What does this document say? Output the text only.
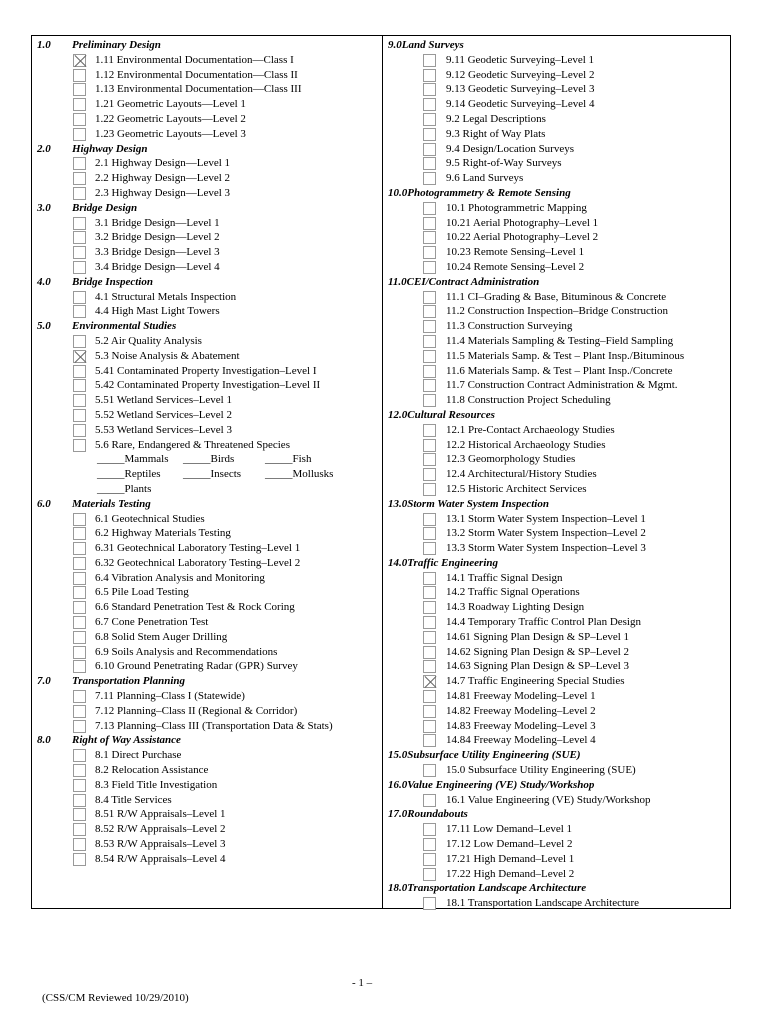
1.0 Preliminary Design
1.11 Environmental Documentation—Class I
1.12 Environmental Documentation—Class II
1.13 Environmental Documentation—Class III
1.21 Geometric Layouts—Level 1
1.22 Geometric Layouts—Level 2
1.23 Geometric Layouts—Level 3
2.0 Highway Design
2.1 Highway Design—Level 1
2.2 Highway Design—Level 2
2.3 Highway Design—Level 3
3.0 Bridge Design
3.1 Bridge Design—Level 1
3.2 Bridge Design—Level 2
3.3 Bridge Design—Level 3
3.4 Bridge Design—Level 4
4.0 Bridge Inspection
4.1 Structural Metals Inspection
4.4 High Mast Light Towers
5.0 Environmental Studies
5.2 Air Quality Analysis
5.3 Noise Analysis & Abatement
5.41 Contaminated Property Investigation–Level I
5.42 Contaminated Property Investigation–Level II
5.51 Wetland Services–Level 1
5.52 Wetland Services–Level 2
5.53 Wetland Services–Level 3
5.6 Rare, Endangered & Threatened Species
_____Mammals _____Birds	_____Fish
_____Reptiles _____Insects _____Mollusks
_____Plants
6.0 Materials Testing
6.1 Geotechnical Studies
6.2 Highway Materials Testing
6.31 Geotechnical Laboratory Testing–Level 1
6.32 Geotechnical Laboratory Testing–Level 2
6.4 Vibration Analysis and Monitoring
6.5 Pile Load Testing
6.6 Standard Penetration Test & Rock Coring
6.7 Cone Penetration Test
6.8 Solid Stem Auger Drilling
6.9 Soils Analysis and Recommendations
6.10 Ground Penetrating Radar (GPR) Survey
7.0 Transportation Planning
7.11 Planning–Class I (Statewide)
7.12 Planning–Class II (Regional & Corridor)
7.13 Planning–Class III (Transportation Data & Stats)
8.0 Right of Way Assistance
8.1 Direct Purchase
8.2 Relocation Assistance
8.3 Field Title Investigation
8.4 Title Services
8.51 R/W Appraisals–Level 1
8.52 R/W Appraisals–Level 2
8.53 R/W Appraisals–Level 3
8.54 R/W Appraisals–Level 4
9.0Land Surveys
9.11 Geodetic Surveying–Level 1
9.12 Geodetic Surveying–Level 2
9.13 Geodetic Surveying–Level 3
9.14 Geodetic Surveying–Level 4
9.2 Legal Descriptions
9.3 Right of Way Plats
9.4 Design/Location Surveys
9.5 Right-of-Way Surveys
9.6 Land Surveys
10.0Photogrammetry & Remote Sensing
10.1 Photogrammetric Mapping
10.21 Aerial Photography–Level 1
10.22 Aerial Photography–Level 2
10.23 Remote Sensing–Level 1
10.24 Remote Sensing–Level 2
11.0CEI/Contract Administration
11.1 CI–Grading & Base, Bituminous & Concrete
11.2 Construction Inspection–Bridge Construction
11.3 Construction Surveying
11.4 Materials Sampling & Testing–Field Sampling
11.5 Materials Samp. & Test – Plant Insp./Bituminous
11.6 Materials Samp. & Test – Plant Insp./Concrete
11.7 Construction Contract Administration & Mgmt.
11.8 Construction Project Scheduling
12.0Cultural Resources
12.1 Pre-Contact Archaeology Studies
12.2 Historical Archaeology Studies
12.3 Geomorphology Studies
12.4 Architectural/History Studies
12.5 Historic Architect Services
13.0Storm Water System Inspection
13.1 Storm Water System Inspection–Level 1
13.2 Storm Water System Inspection–Level 2
13.3 Storm Water System Inspection–Level 3
14.0Traffic Engineering
14.1 Traffic Signal Design
14.2 Traffic Signal Operations
14.3 Roadway Lighting Design
14.4 Temporary Traffic Control Plan Design
14.61 Signing Plan Design & SP–Level 1
14.62 Signing Plan Design & SP–Level 2
14.63 Signing Plan Design & SP–Level 3
14.7 Traffic Engineering Special Studies
14.81 Freeway Modeling–Level 1
14.82 Freeway Modeling–Level 2
14.83 Freeway Modeling–Level 3
14.84 Freeway Modeling–Level 4
15.0Subsurface Utility Engineering (SUE)
15.0 Subsurface Utility Engineering (SUE)
16.0Value Engineering (VE) Study/Workshop
16.1 Value Engineering (VE) Study/Workshop
17.0Roundabouts
17.11 Low Demand–Level 1
17.12 Low Demand–Level 2
17.21 High Demand–Level 1
17.22 High Demand–Level 2
18.0Transportation Landscape Architecture
18.1 Transportation Landscape Architecture
- 1 –
(CSS/CM Reviewed 10/29/2010)
